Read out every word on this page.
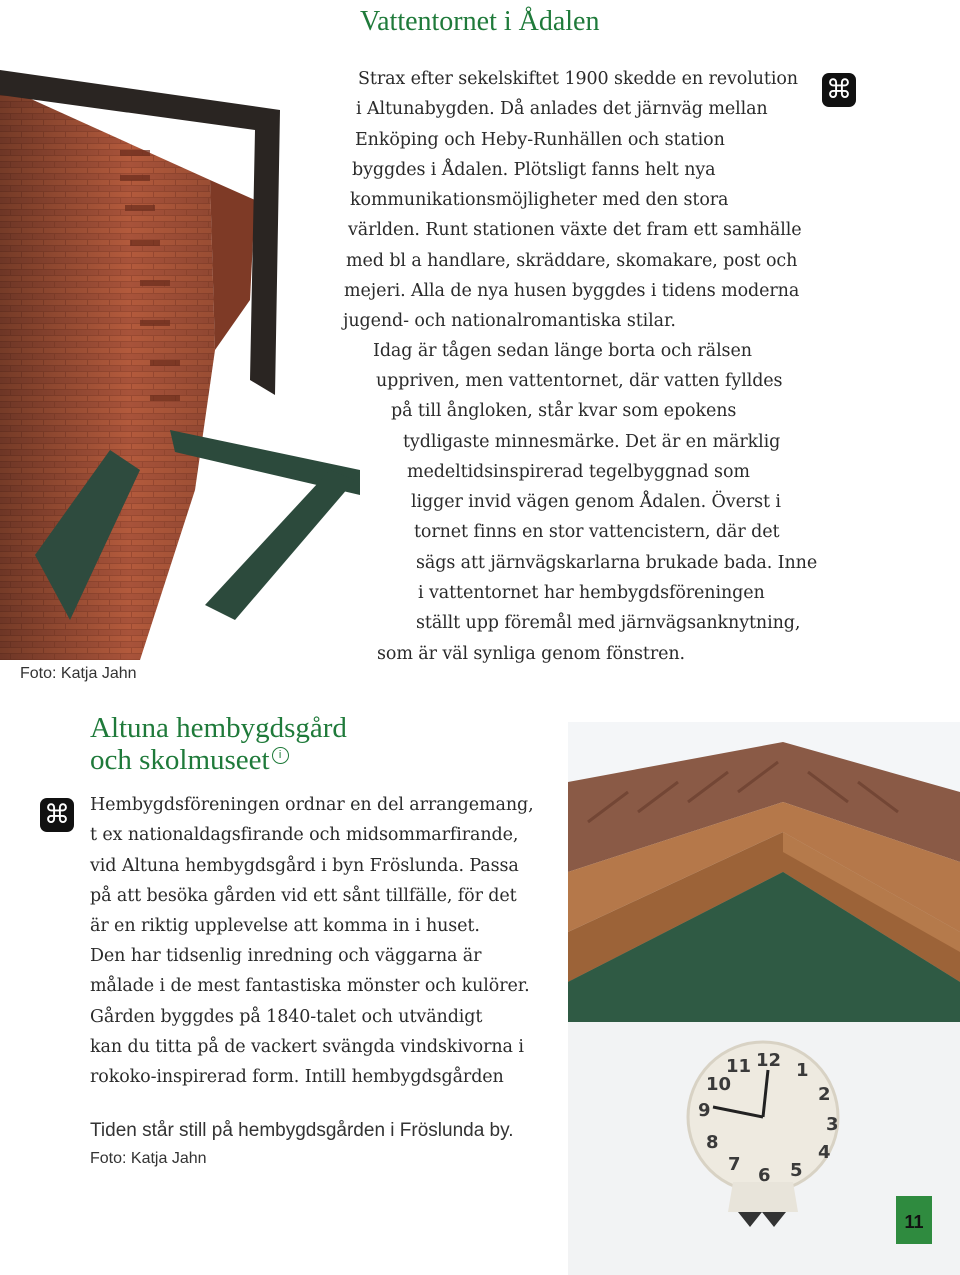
12 1
2
3
4
5
6
7
8
9
10
11
Vattentornet i Ådalen
Strax efter sekelskiftet 1900 skedde en revolution
i Altunabygden. Då anlades det järnväg mellan
Enköping och Heby-Runhällen och station
byggdes i Ådalen. Plötsligt fanns helt nya
kommunikationsmöjligheter med den stora
världen. Runt stationen växte det fram ett samhälle
med bl a handlare, skräddare, skomakare, post och
mejeri. Alla de nya husen byggdes i tidens moderna
jugend- och nationalromantiska stilar.
Idag är tågen sedan länge borta och rälsen
uppriven, men vattentornet, där vatten fylldes
på till ångloken, står kvar som epokens
tydligaste minnesmärke. Det är en märklig
medeltidsinspirerad tegelbyggnad som
ligger invid vägen genom Ådalen. Överst i
tornet finns en stor vattencistern, där det
sägs att järnvägskarlarna brukade bada. Inne
i vattentornet har hembygdsföreningen
ställt upp föremål med järnvägsanknytning,
som är väl synliga genom fönstren.
Foto: Katja Jahn
⌘
Altuna hembygdsgård
och skolmuseet i
⌘ Hembygdsföreningen ordnar en del arrangemang,
t ex nationaldagsfirande och midsommarfirande,
vid Altuna hembygdsgård i byn Fröslunda. Passa
på att besöka gården vid ett sånt tillfälle, för det
är en riktig upplevelse att komma in i huset.
Den har tidsenlig inredning och väggarna är
målade i de mest fantastiska mönster och kulörer.
Gården byggdes på 1840-talet och utvändigt
kan du titta på de vackert svängda vindskivorna i
rokoko-inspirerad form. Intill hembygdsgården
Tiden står still på hembygdsgården i Fröslunda by.
Foto: Katja Jahn
11
